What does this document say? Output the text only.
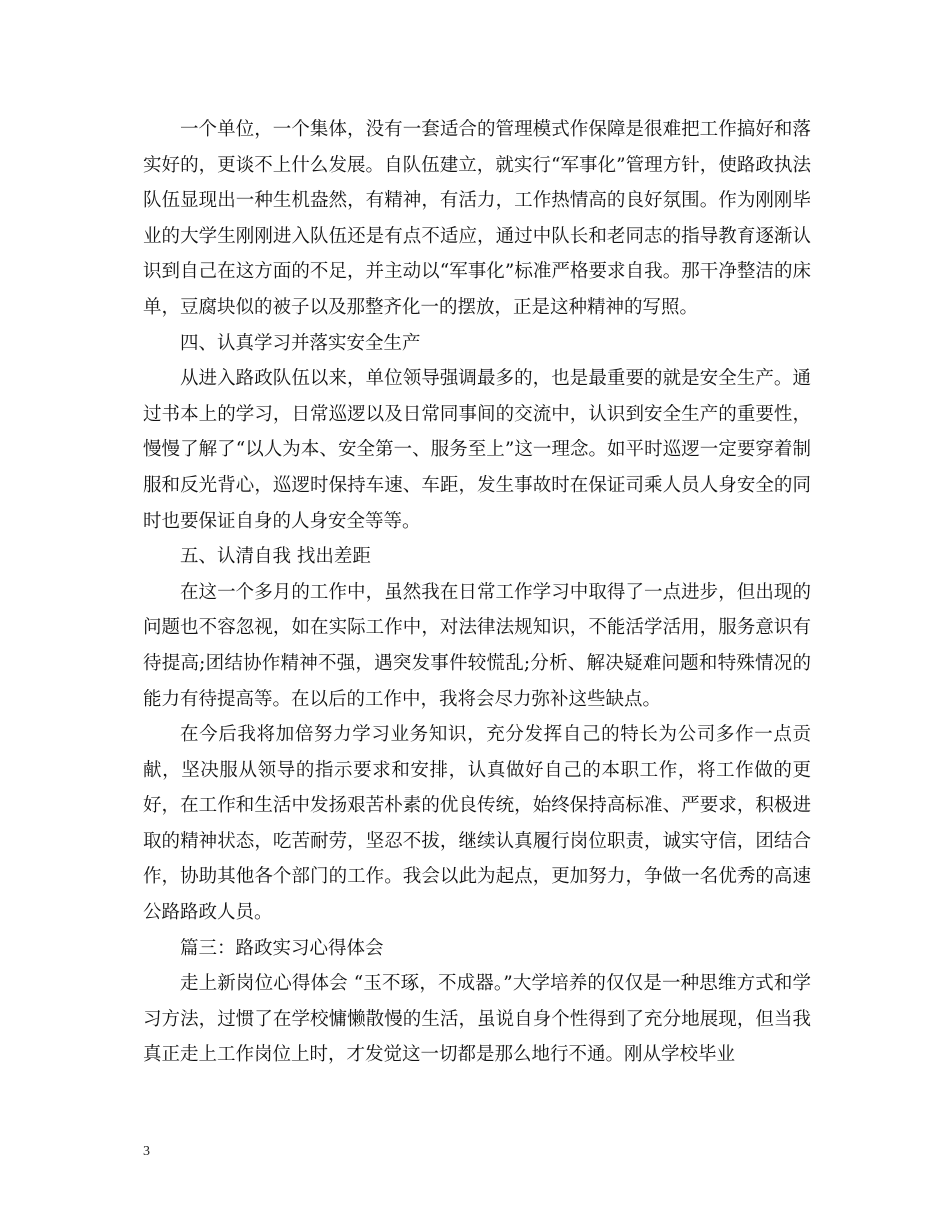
一个单位，一个集体，没有一套适合的管理模式作保障是很难把工作搞好和落实好的，更谈不上什么发展。自队伍建立，就实行“军事化”管理方针，使路政执法队伍显现出一种生机盎然，有精神，有活力，工作热情高的良好氛围。作为刚刚毕业的大学生刚刚进入队伍还是有点不适应，通过中队长和老同志的指导教育逐渐认识到自己在这方面的不足，并主动以“军事化”标准严格要求自我。那干净整洁的床单，豆腐块似的被子以及那整齐化一的摆放，正是这种精神的写照。

四、认真学习并落实安全生产

从进入路政队伍以来，单位领导强调最多的，也是最重要的就是安全生产。通过书本上的学习，日常巡逻以及日常同事间的交流中，认识到安全生产的重要性，慢慢了解了“以人为本、安全第一、服务至上”这一理念。如平时巡逻一定要穿着制服和反光背心，巡逻时保持车速、车距，发生事故时在保证司乘人员人身安全的同时也要保证自身的人身安全等等。

五、认清自我 找出差距

在这一个多月的工作中，虽然我在日常工作学习中取得了一点进步，但出现的问题也不容忽视，如在实际工作中，对法律法规知识，不能活学活用，服务意识有待提高;团结协作精神不强，遇突发事件较慌乱;分析、解决疑难问题和特殊情况的能力有待提高等。在以后的工作中，我将会尽力弥补这些缺点。

在今后我将加倍努力学习业务知识，充分发挥自己的特长为公司多作一点贡献，坚决服从领导的指示要求和安排，认真做好自己的本职工作，将工作做的更好，在工作和生活中发扬艰苦朴素的优良传统，始终保持高标准、严要求，积极进取的精神状态，吃苦耐劳，坚忍不拔，继续认真履行岗位职责，诚实守信，团结合作，协助其他各个部门的工作。我会以此为起点，更加努力，争做一名优秀的高速公路路政人员。

篇三：路政实习心得体会

走上新岗位心得体会 “玉不琢，不成器。”大学培养的仅仅是一种思维方式和学习方法，过惯了在学校慵懒散慢的生活，虽说自身个性得到了充分地展现，但当我真正走上工作岗位上时，才发觉这一切都是那么地行不通。刚从学校毕业

3
